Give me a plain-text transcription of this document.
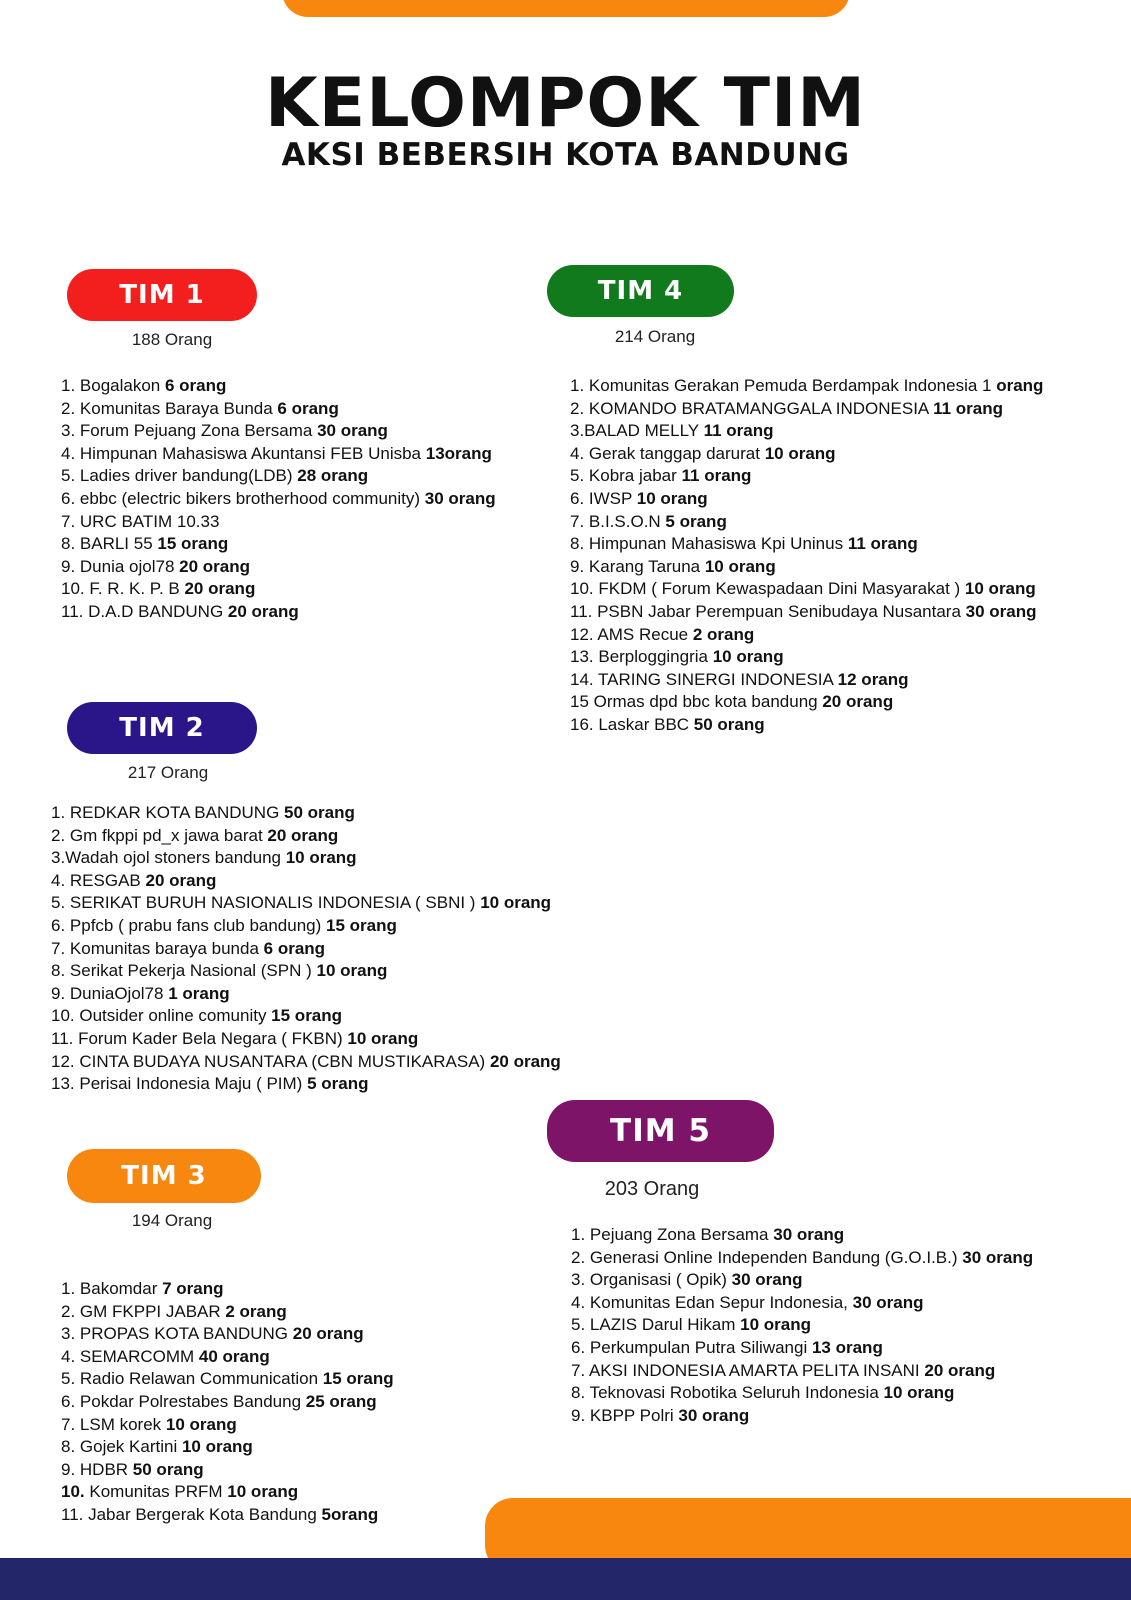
KELOMPOK TIM
AKSI BEBERSIH KOTA BANDUNG
TIM 1
188 Orang
1. Bogalakon 6 orang
2. Komunitas Baraya Bunda 6 orang
3. Forum Pejuang Zona Bersama 30 orang
4. Himpunan Mahasiswa Akuntansi FEB Unisba 13orang
5. Ladies driver bandung(LDB) 28 orang
6. ebbc (electric bikers brotherhood community) 30 orang
7. URC BATIM 10.33
8. BARLI 55 15 orang
9. Dunia ojol78 20 orang
10. F. R. K. P. B 20 orang
11. D.A.D BANDUNG 20 orang
TIM 2
217 Orang
1. REDKAR KOTA BANDUNG 50 orang
2. Gm fkppi pd_x jawa barat 20 orang
3.Wadah ojol stoners bandung 10 orang
4. RESGAB 20 orang
5. SERIKAT BURUH NASIONALIS INDONESIA ( SBNI ) 10 orang
6. Ppfcb ( prabu fans club bandung) 15 orang
7. Komunitas baraya bunda 6 orang
8. Serikat Pekerja Nasional (SPN ) 10 orang
9. DuniaOjol78 1 orang
10. Outsider online comunity 15 orang
11. Forum Kader Bela Negara ( FKBN) 10 orang
12. CINTA BUDAYA NUSANTARA (CBN MUSTIKARASA) 20 orang
13. Perisai Indonesia Maju ( PIM) 5 orang
TIM 3
194 Orang
1. Bakomdar 7 orang
2. GM FKPPI JABAR 2 orang
3. PROPAS KOTA BANDUNG 20 orang
4. SEMARCOMM 40 orang
5. Radio Relawan Communication 15 orang
6. Pokdar Polrestabes Bandung 25 orang
7. LSM korek 10 orang
8. Gojek Kartini 10 orang
9. HDBR 50 orang
10. Komunitas PRFM 10 orang
11. Jabar Bergerak Kota Bandung 5orang
TIM 4
214 Orang
1. Komunitas Gerakan Pemuda Berdampak Indonesia 1 orang
2. KOMANDO BRATAMANGGALA INDONESIA 11 orang
3.BALAD MELLY 11 orang
4. Gerak tanggap darurat 10 orang
5. Kobra jabar 11 orang
6. IWSP 10 orang
7. B.I.S.O.N 5 orang
8. Himpunan Mahasiswa Kpi Uninus 11 orang
9. Karang Taruna 10 orang
10. FKDM ( Forum Kewaspadaan Dini Masyarakat ) 10 orang
11. PSBN Jabar Perempuan Senibudaya Nusantara 30 orang
12. AMS Recue 2 orang
13. Berploggingria 10 orang
14. TARING SINERGI INDONESIA 12 orang
15 Ormas dpd bbc kota bandung 20 orang
16. Laskar BBC 50 orang
TIM 5
203 Orang
1. Pejuang Zona Bersama 30 orang
2. Generasi Online Independen Bandung (G.O.I.B.) 30 orang
3. Organisasi ( Opik) 30 orang
4. Komunitas Edan Sepur Indonesia, 30 orang
5. LAZIS Darul Hikam 10 orang
6. Perkumpulan Putra Siliwangi 13 orang
7. AKSI INDONESIA AMARTA PELITA INSANI 20 orang
8. Teknovasi Robotika Seluruh Indonesia 10 orang
9. KBPP Polri 30 orang
